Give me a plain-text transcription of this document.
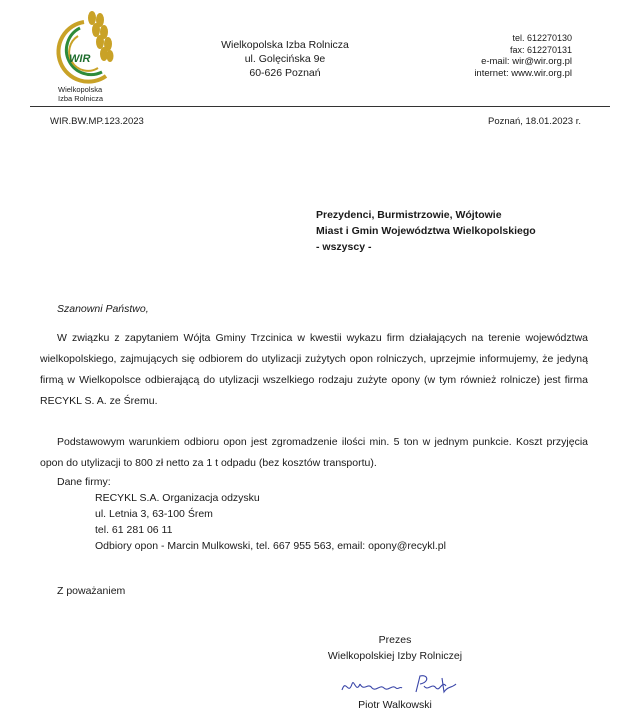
WIR
Wielkopolska
Izba Rolnicza
Wielkopolska Izba Rolnicza
ul. Golęcińska 9e
60-626 Poznań
tel. 612270130
fax: 612270131
e-mail: wir@wir.org.pl
internet: www.wir.org.pl
WIR.BW.MP.123.2023	Poznań, 18.01.2023 r.
Prezydenci, Burmistrzowie, Wójtowie
Miast i Gmin Województwa Wielkopolskiego
- wszyscy -
Szanowni Państwo,
W związku z zapytaniem Wójta Gminy Trzcinica w kwestii wykazu firm działających na terenie województwa wielkopolskiego, zajmujących się odbiorem do utylizacji zużytych opon rolniczych, uprzejmie informujemy, że jedyną firmą w Wielkopolsce odbierającą do utylizacji wszelkiego rodzaju zużyte opony (w tym również rolnicze) jest firma RECYKL S. A. ze Śremu.
Podstawowym warunkiem odbioru opon jest zgromadzenie ilości min. 5 ton w jednym punkcie. Koszt przyjęcia opon do utylizacji to 800 zł netto za 1 t odpadu (bez kosztów transportu).
Dane firmy:
RECYKL S.A. Organizacja odzysku
ul. Letnia 3, 63-100 Śrem
tel. 61 281 06 11
Odbiory opon - Marcin Mulkowski, tel. 667 955 563, email: opony@recykl.pl
Z poważaniem
Prezes
Wielkopolskiej Izby Rolniczej
Piotr Walkowski
